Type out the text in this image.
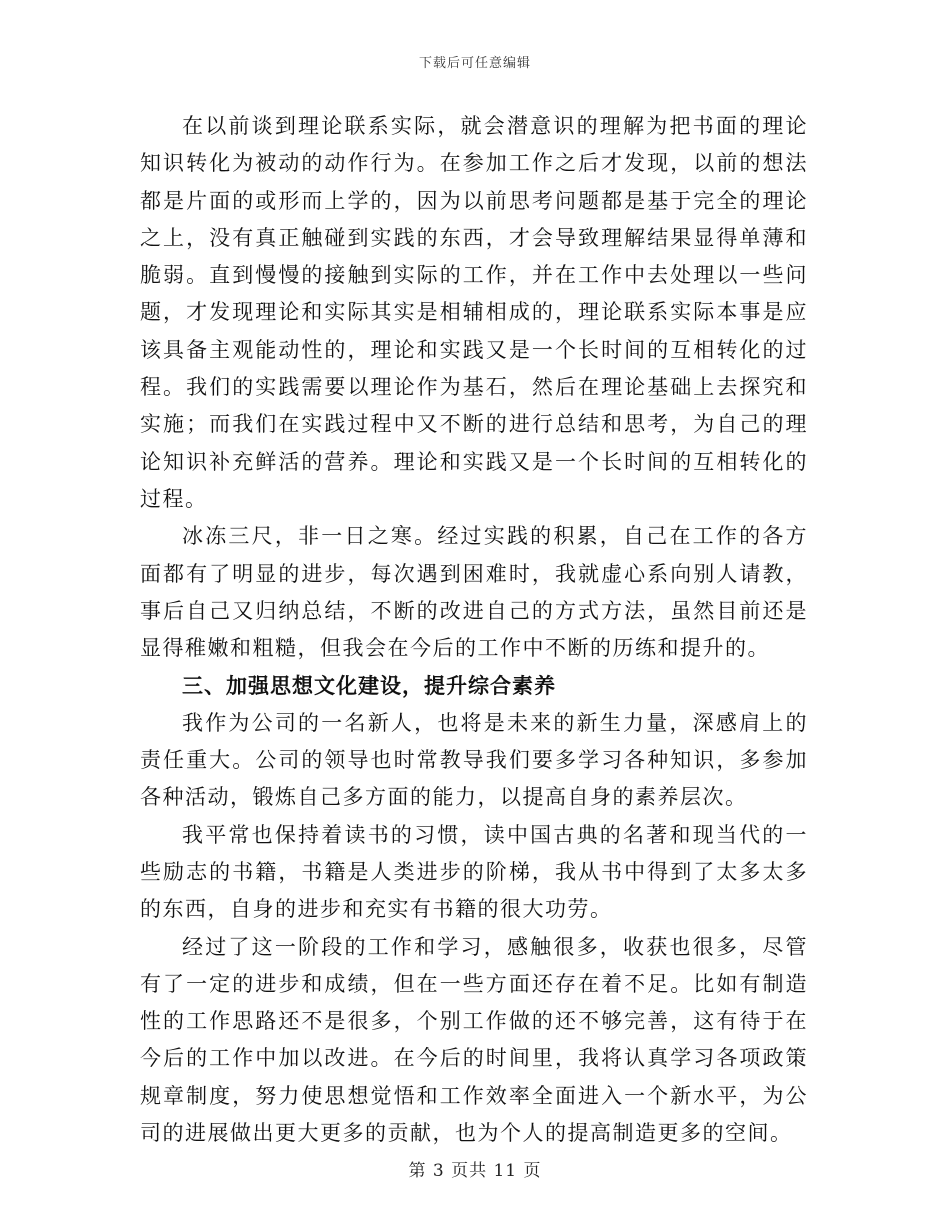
下载后可任意编辑

在以前谈到理论联系实际，就会潜意识的理解为把书面的理论知识转化为被动的动作行为。在参加工作之后才发现，以前的想法都是片面的或形而上学的，因为以前思考问题都是基于完全的理论之上，没有真正触碰到实践的东西，才会导致理解结果显得单薄和脆弱。直到慢慢的接触到实际的工作，并在工作中去处理以一些问题，才发现理论和实际其实是相辅相成的，理论联系实际本事是应该具备主观能动性的，理论和实践又是一个长时间的互相转化的过程。我们的实践需要以理论作为基石，然后在理论基础上去探究和实施；而我们在实践过程中又不断的进行总结和思考，为自己的理论知识补充鲜活的营养。理论和实践又是一个长时间的互相转化的过程。

冰冻三尺，非一日之寒。经过实践的积累，自己在工作的各方面都有了明显的进步，每次遇到困难时，我就虚心系向别人请教，事后自己又归纳总结，不断的改进自己的方式方法，虽然目前还是显得稚嫩和粗糙，但我会在今后的工作中不断的历练和提升的。

三、加强思想文化建设，提升综合素养

我作为公司的一名新人，也将是未来的新生力量，深感肩上的责任重大。公司的领导也时常教导我们要多学习各种知识，多参加各种活动，锻炼自己多方面的能力，以提高自身的素养层次。

我平常也保持着读书的习惯，读中国古典的名著和现当代的一些励志的书籍，书籍是人类进步的阶梯，我从书中得到了太多太多的东西，自身的进步和充实有书籍的很大功劳。

经过了这一阶段的工作和学习，感触很多，收获也很多，尽管有了一定的进步和成绩，但在一些方面还存在着不足。比如有制造性的工作思路还不是很多，个别工作做的还不够完善，这有待于在今后的工作中加以改进。在今后的时间里，我将认真学习各项政策规章制度，努力使思想觉悟和工作效率全面进入一个新水平，为公司的进展做出更大更多的贡献，也为个人的提高制造更多的空间。

第 3 页共 11 页
